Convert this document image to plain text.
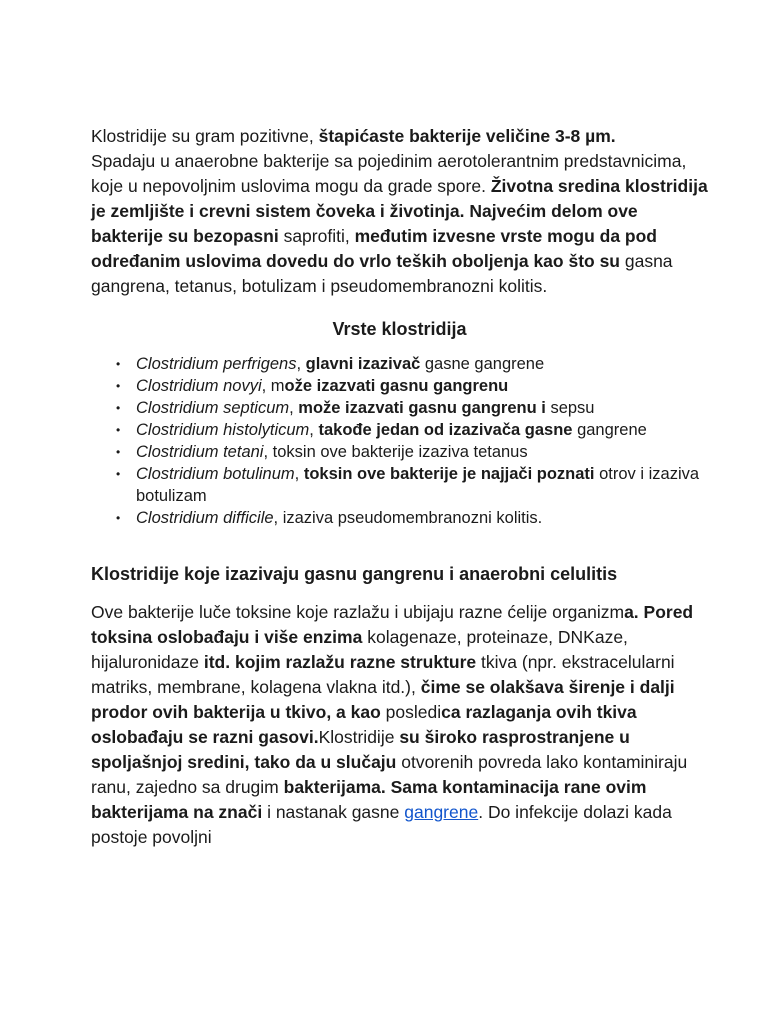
Klostridije su gram pozitivne, štapićaste bakterije veličine 3-8 µm.
Spadaju u anaerobne bakterije sa pojedinim aerotolerantnim predstavnicima, koje u nepovoljnim uslovima mogu da grade spore. Životna sredina klostridija je zemljište i crevni sistem čoveka i životinja. Najvećim delom ove bakterije su bezopasni saprofiti, međutim izvesne vrste mogu da pod određanim uslovima dovedu do vrlo teških oboljenja kao što su gasna gangrena, tetanus, botulizam i pseudomembranozni kolitis.

Vrste klostridija
• Clostridium perfrigens, glavni izazivač gasne gangrene
• Clostridium novyi, može izazvati gasnu gangrenu
• Clostridium septicum, može izazvati gasnu gangrenu i sepsu
• Clostridium histolyticum, takođe jedan od izazivača gasne gangrene
• Clostridium tetani, toksin ove bakterije izaziva tetanus
• Clostridium botulinum, toksin ove bakterije je najjači poznati otrov i izaziva botulizam
• Clostridium difficile, izaziva pseudomembranozni kolitis.
Klostridije koje izazivaju gasnu gangrenu i anaerobni celulitis

Ove bakterije luče toksine koje razlažu i ubijaju razne ćelije organizma. Pored toksina oslobađaju i više enzima kolagenaze, proteinaze, DNKaze, hijaluronidaze itd. kojim razlažu razne strukture tkiva (npr. ekstracelularni matriks, membrane, kolagena vlakna itd.), čime se olakšava širenje i dalji prodor ovih bakterija u tkivo, a kao posledica razlaganja ovih tkiva oslobađaju se razni gasovi.Klostridije su široko rasprostranjene u spoljašnjoj sredini, tako da u slučaju otvorenih povreda lako kontaminiraju ranu, zajedno sa drugim bakterijama. Sama kontaminacija rane ovim bakterijama na znači i nastanak gasne gangrene. Do infekcije dolazi kada postoje povoljni
